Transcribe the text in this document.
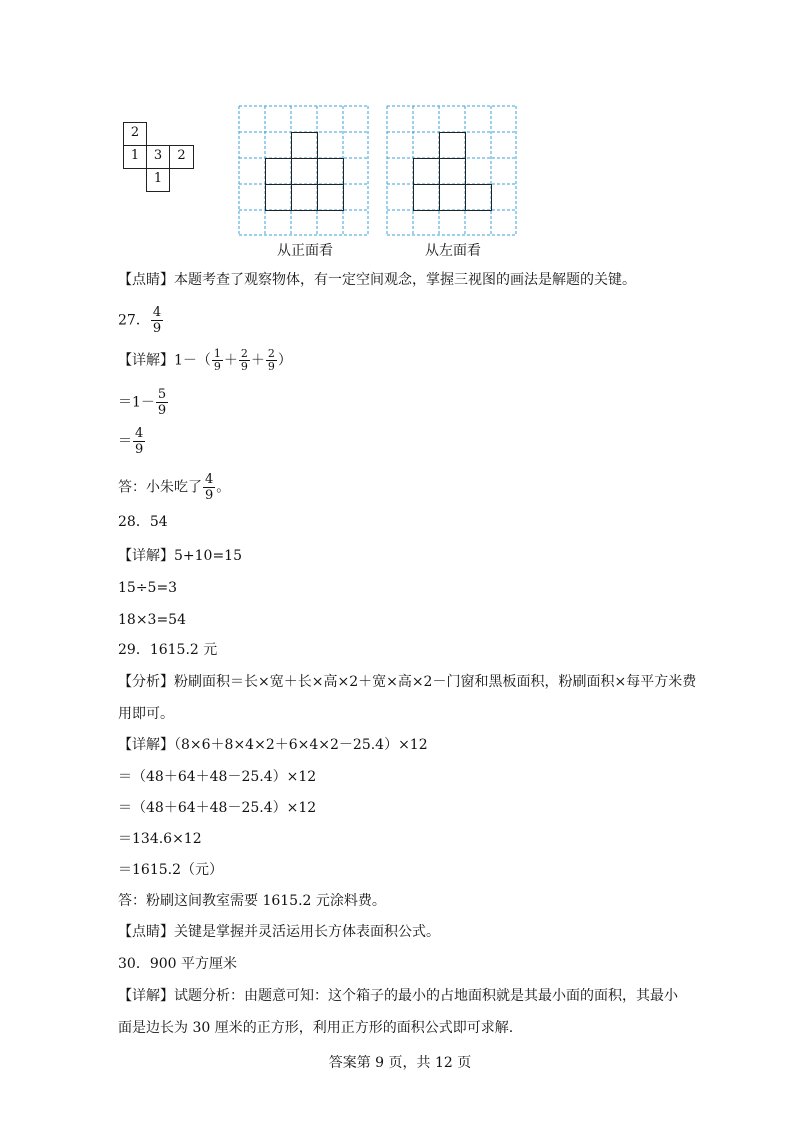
2
1	3	2
1
从正面看	从左面看
【点睛】本题考查了观察物体，有一定空间观念，掌握三视图的画法是解题的关键。
27． $\frac{4}{9}$
【详解】$1-( \frac{1}{9} + \frac{2}{9} + \frac{2}{9}$ ）
$=1- \frac{5}{9}$
＝ $\frac{4}{9}$
答：小朱吃了 $\frac{4}{9}$ 。
28．54
【详解】5+10=15
15÷5=3
18×3=54
29．1615.2 元
【分析】粉刷面积＝长×宽＋长×高×2＋宽×高×2－门窗和黑板面积，粉刷面积×每平方米费
用即可。
【详解】（8×6＋8×4×2＋6×4×2－25.4）×12
＝（48＋64＋48－25.4）×12
＝（48＋64＋48－25.4）×12
＝134.6×12
＝1615.2（元）
答：粉刷这间教室需要 1615.2 元涂料费。
【点睛】关键是掌握并灵活运用长方体表面积公式。
30．900 平方厘米
【详解】试题分析：由题意可知：这个箱子的最小的占地面积就是其最小面的面积，其最小
面是边长为 30 厘米的正方形，利用正方形的面积公式即可求解.
答案第 9 页，共 12 页
